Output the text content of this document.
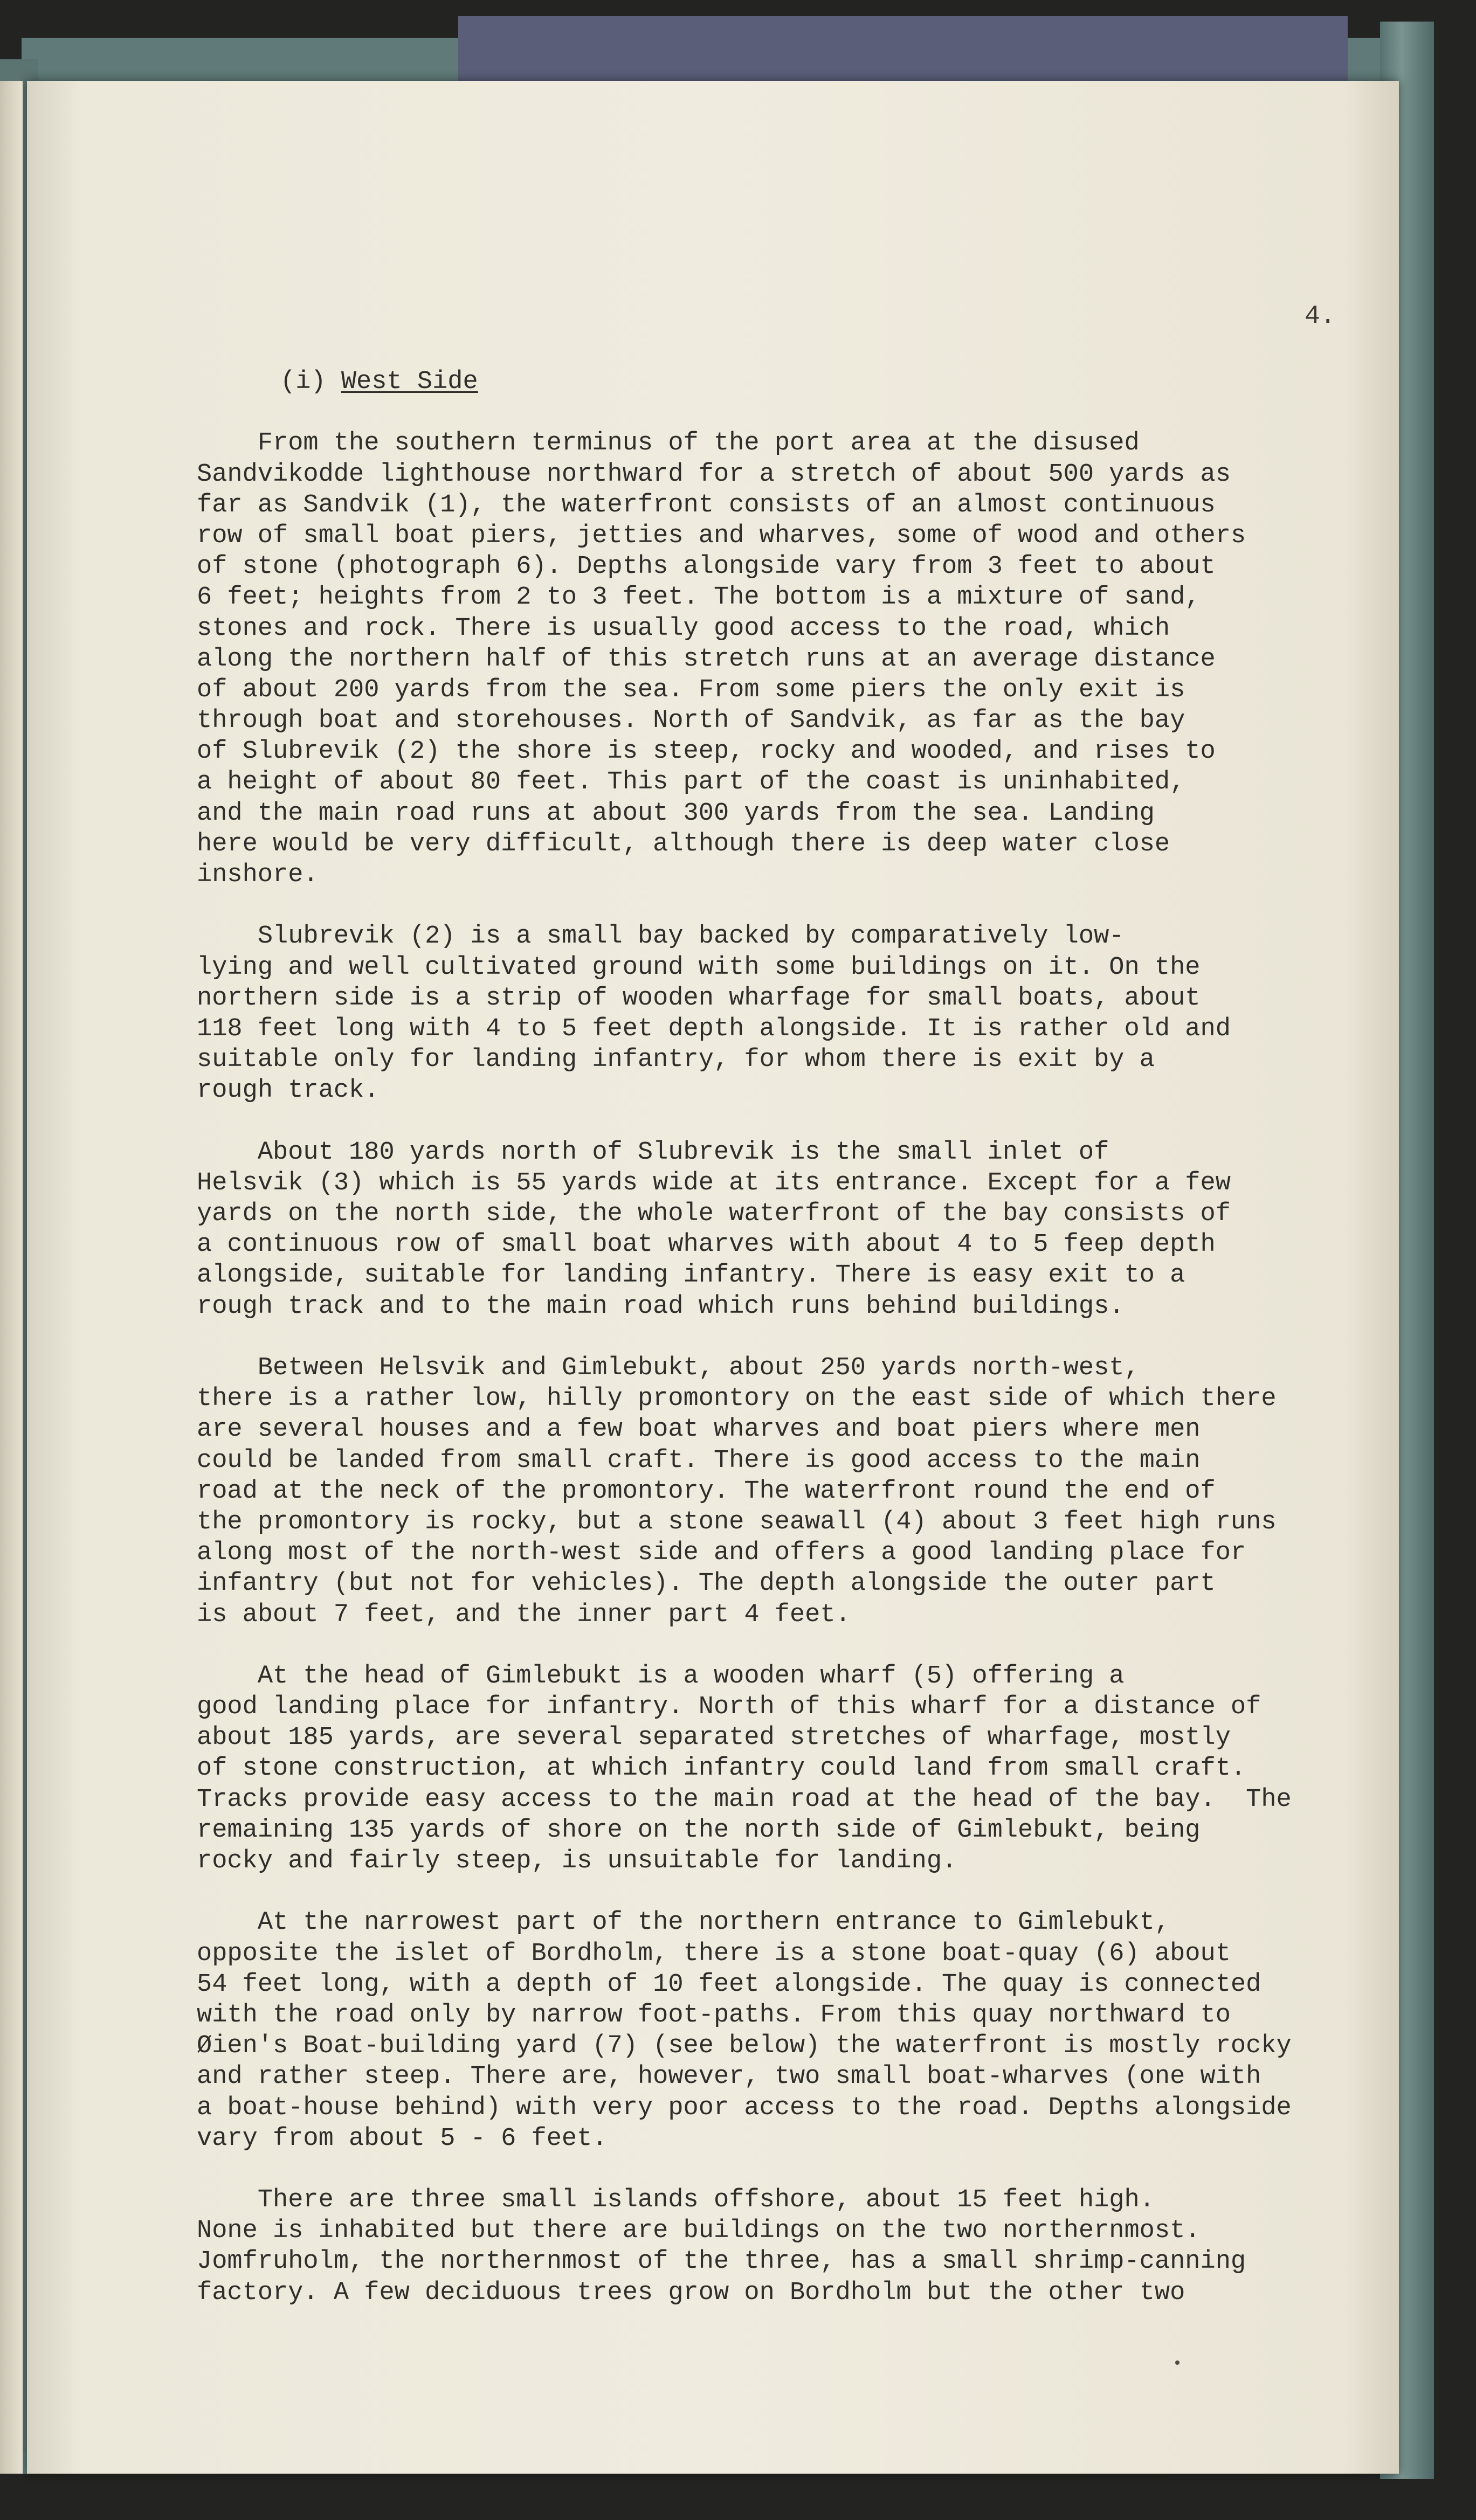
4.
(i) West Side
From the southern terminus of the port area at the disused
Sandvikodde lighthouse northward for a stretch of about 500 yards as
far as Sandvik (1), the waterfront consists of an almost continuous
row of small boat piers, jetties and wharves, some of wood and others
of stone (photograph 6). Depths alongside vary from 3 feet to about
6 feet; heights from 2 to 3 feet. The bottom is a mixture of sand,
stones and rock. There is usually good access to the road, which
along the northern half of this stretch runs at an average distance
of about 200 yards from the sea. From some piers the only exit is
through boat and storehouses. North of Sandvik, as far as the bay
of Slubrevik (2) the shore is steep, rocky and wooded, and rises to
a height of about 80 feet. This part of the coast is uninhabited,
and the main road runs at about 300 yards from the sea. Landing
here would be very difficult, although there is deep water close
inshore.
Slubrevik (2) is a small bay backed by comparatively low-
lying and well cultivated ground with some buildings on it. On the
northern side is a strip of wooden wharfage for small boats, about
118 feet long with 4 to 5 feet depth alongside. It is rather old and
suitable only for landing infantry, for whom there is exit by a
rough track.
About 180 yards north of Slubrevik is the small inlet of
Helsvik (3) which is 55 yards wide at its entrance. Except for a few
yards on the north side, the whole waterfront of the bay consists of
a continuous row of small boat wharves with about 4 to 5 feep depth
alongside, suitable for landing infantry. There is easy exit to a
rough track and to the main road which runs behind buildings.
Between Helsvik and Gimlebukt, about 250 yards north-west,
there is a rather low, hilly promontory on the east side of which there
are several houses and a few boat wharves and boat piers where men
could be landed from small craft. There is good access to the main
road at the neck of the promontory. The waterfront round the end of
the promontory is rocky, but a stone seawall (4) about 3 feet high runs
along most of the north-west side and offers a good landing place for
infantry (but not for vehicles). The depth alongside the outer part
is about 7 feet, and the inner part 4 feet.
At the head of Gimlebukt is a wooden wharf (5) offering a
good landing place for infantry. North of this wharf for a distance of
about 185 yards, are several separated stretches of wharfage, mostly
of stone construction, at which infantry could land from small craft.
Tracks provide easy access to the main road at the head of the bay.  The
remaining 135 yards of shore on the north side of Gimlebukt, being
rocky and fairly steep, is unsuitable for landing.
At the narrowest part of the northern entrance to Gimlebukt,
opposite the islet of Bordholm, there is a stone boat-quay (6) about
54 feet long, with a depth of 10 feet alongside. The quay is connected
with the road only by narrow foot-paths. From this quay northward to
Øien's Boat-building yard (7) (see below) the waterfront is mostly rocky
and rather steep. There are, however, two small boat-wharves (one with
a boat-house behind) with very poor access to the road. Depths alongside
vary from about 5 - 6 feet.
There are three small islands offshore, about 15 feet high.
None is inhabited but there are buildings on the two northernmost.
Jomfruholm, the northernmost of the three, has a small shrimp-canning
factory. A few deciduous trees grow on Bordholm but the other two
